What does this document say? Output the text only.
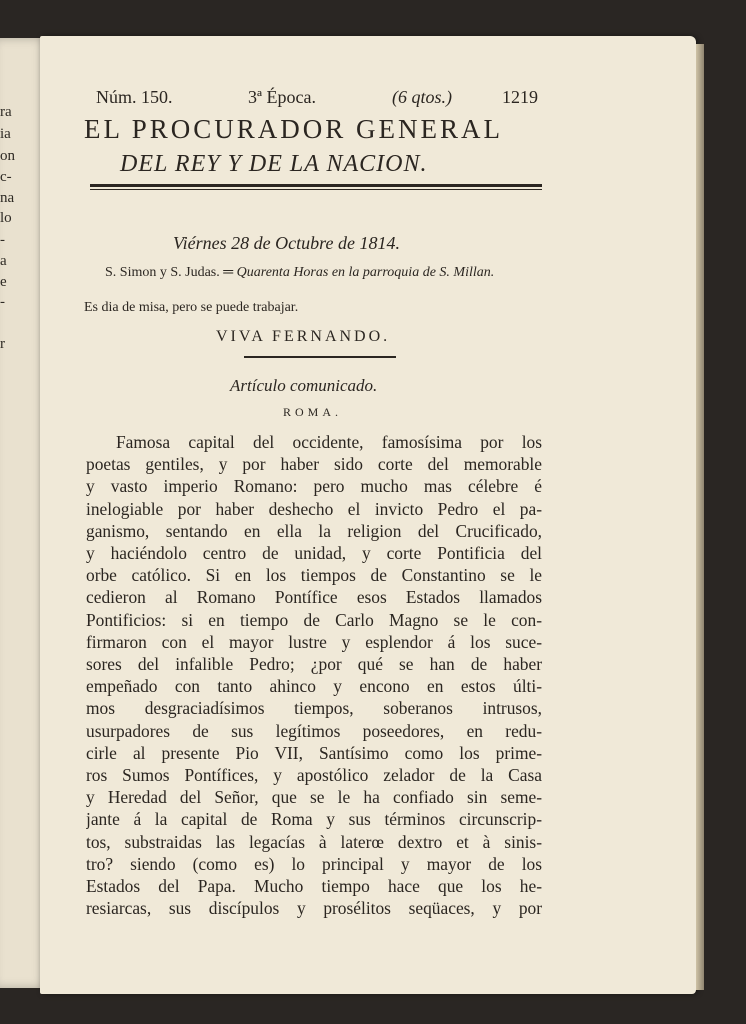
ra
ia
on
c-
na
lo
-
a
e
-
r
Núm. 150.	3ª Época.	(6 qtos.)	1219
EL PROCURADOR GENERAL
DEL REY Y DE LA NACION.
Viérnes 28 de Octubre de 1814.
S. Simon y S. Judas. ═ Quarenta Horas en la parroquia de S. Millan.
Es dia de misa, pero se puede trabajar.
VIVA FERNANDO.
Artículo comunicado.
ROMA.
Famosa capital del occidente, famosísima por los
poetas gentiles, y por haber sido corte del memorable
y vasto imperio Romano: pero mucho mas célebre é
inelogiable por haber deshecho el invicto Pedro el pa-
ganismo, sentando en ella la religion del Crucificado,
y haciéndolo centro de unidad, y corte Pontificia del
orbe católico. Si en los tiempos de Constantino se le
cedieron al Romano Pontífice esos Estados llamados
Pontificios: si en tiempo de Carlo Magno se le con-
firmaron con el mayor lustre y esplendor á los suce-
sores del infalible Pedro; ¿por qué se han de haber
empeñado con tanto ahinco y encono en estos últi-
mos desgraciadísimos tiempos, soberanos intrusos,
usurpadores de sus legítimos poseedores, en redu-
cirle al presente Pio VII, Santísimo como los prime-
ros Sumos Pontífices, y apostólico zelador de la Casa
y Heredad del Señor, que se le ha confiado sin seme-
jante á la capital de Roma y sus términos circunscrip-
tos, substraidas las legacías à laterœ dextro et à sinis-
tro? siendo (como es) lo principal y mayor de los
Estados del Papa. Mucho tiempo hace que los he-
resiarcas, sus discípulos y prosélitos seqüaces, y por
